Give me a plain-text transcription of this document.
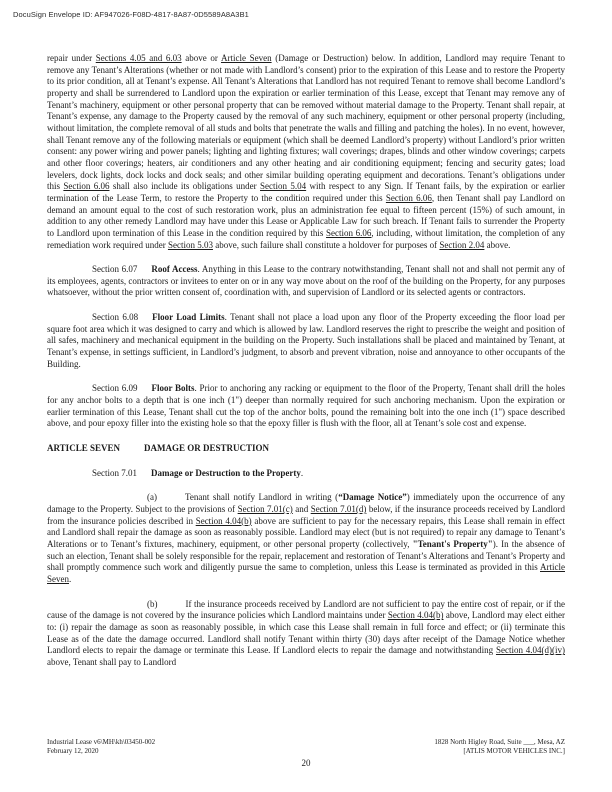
DocuSign Envelope ID: AF947026-F08D-4817-8A87-0D5589A8A3B1

repair under Sections 4.05 and 6.03 above or Article Seven (Damage or Destruction) below. In addition, Landlord may require Tenant to remove any Tenant’s Alterations (whether or not made with Landlord’s consent) prior to the expiration of this Lease and to restore the Property to its prior condition, all at Tenant’s expense. All Tenant’s Alterations that Landlord has not required Tenant to remove shall become Landlord’s property and shall be surrendered to Landlord upon the expiration or earlier termination of this Lease, except that Tenant may remove any of Tenant’s machinery, equipment or other personal property that can be removed without material damage to the Property. Tenant shall repair, at Tenant’s expense, any damage to the Property caused by the removal of any such machinery, equipment or other personal property (including, without limitation, the complete removal of all studs and bolts that penetrate the walls and filling and patching the holes). In no event, however, shall Tenant remove any of the following materials or equipment (which shall be deemed Landlord’s property) without Landlord’s prior written consent: any power wiring and power panels; lighting and lighting fixtures; wall coverings; drapes, blinds and other window coverings; carpets and other floor coverings; heaters, air conditioners and any other heating and air conditioning equipment; fencing and security gates; load levelers, dock lights, dock locks and dock seals; and other similar building operating equipment and decorations. Tenant’s obligations under this Section 6.06 shall also include its obligations under Section 5.04 with respect to any Sign. If Tenant fails, by the expiration or earlier termination of the Lease Term, to restore the Property to the condition required under this Section 6.06, then Tenant shall pay Landlord on demand an amount equal to the cost of such restoration work, plus an administration fee equal to fifteen percent (15%) of such amount, in addition to any other remedy Landlord may have under this Lease or Applicable Law for such breach. If Tenant fails to surrender the Property to Landlord upon termination of this Lease in the condition required by this Section 6.06, including, without limitation, the completion of any remediation work required under Section 5.03 above, such failure shall constitute a holdover for purposes of Section 2.04 above.

Section 6.07 Roof Access. Anything in this Lease to the contrary notwithstanding, Tenant shall not and shall not permit any of its employees, agents, contractors or invitees to enter on or in any way move about on the roof of the building on the Property, for any purposes whatsoever, without the prior written consent of, coordination with, and supervision of Landlord or its selected agents or contractors.

Section 6.08 Floor Load Limits. Tenant shall not place a load upon any floor of the Property exceeding the floor load per square foot area which it was designed to carry and which is allowed by law. Landlord reserves the right to prescribe the weight and position of all safes, machinery and mechanical equipment in the building on the Property. Such installations shall be placed and maintained by Tenant, at Tenant’s expense, in settings sufficient, in Landlord’s judgment, to absorb and prevent vibration, noise and annoyance to other occupants of the Building.

Section 6.09 Floor Bolts. Prior to anchoring any racking or equipment to the floor of the Property, Tenant shall drill the holes for any anchor bolts to a depth that is one inch (1") deeper than normally required for such anchoring mechanism. Upon the expiration or earlier termination of this Lease, Tenant shall cut the top of the anchor bolts, pound the remaining bolt into the one inch (1") space described above, and pour epoxy filler into the existing hole so that the epoxy filler is flush with the floor, all at Tenant’s sole cost and expense.

ARTICLE SEVEN	DAMAGE OR DESTRUCTION

Section 7.01 Damage or Destruction to the Property.

(a)	Tenant shall notify Landlord in writing (“Damage Notice”) immediately upon the occurrence of any damage to the Property. Subject to the provisions of Section 7.01(c) and Section 7.01(d) below, if the insurance proceeds received by Landlord from the insurance policies described in Section 4.04(b) above are sufficient to pay for the necessary repairs, this Lease shall remain in effect and Landlord shall repair the damage as soon as reasonably possible. Landlord may elect (but is not required) to repair any damage to Tenant’s Alterations or to Tenant’s fixtures, machinery, equipment, or other personal property (collectively, "Tenant's Property"). In the absence of such an election, Tenant shall be solely responsible for the repair, replacement and restoration of Tenant’s Alterations and Tenant’s Property and shall promptly commence such work and diligently pursue the same to completion, unless this Lease is terminated as provided in this Article Seven.

(b)	If the insurance proceeds received by Landlord are not sufficient to pay the entire cost of repair, or if the cause of the damage is not covered by the insurance policies which Landlord maintains under Section 4.04(b) above, Landlord may elect either to: (i) repair the damage as soon as reasonably possible, in which case this Lease shall remain in full force and effect; or (ii) terminate this Lease as of the date the damage occurred. Landlord shall notify Tenant within thirty (30) days after receipt of the Damage Notice whether Landlord elects to repair the damage or terminate this Lease. If Landlord elects to repair the damage and notwithstanding Section 4.04(d)(iv) above, Tenant shall pay to Landlord

Industrial Lease v6\MH\kh\03450-002
February 12, 2020
1828 North Higley Road, Suite ___, Mesa, AZ
[ATLIS MOTOR VEHICLES INC.]
20
